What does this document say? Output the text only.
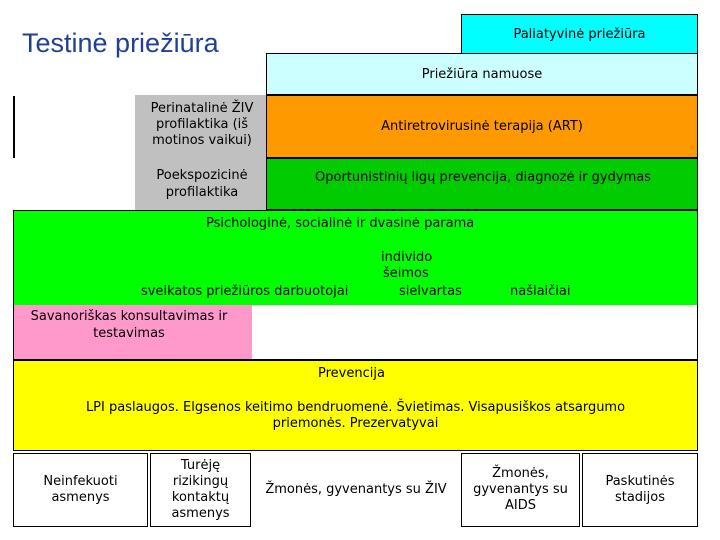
Testinė priežiūra	Paliatyvinė priežiūra
Priežiūra namuose
Perinatalinė ŽIV
profilaktika (iš
motinos vaikui)
Antiretrovirusinė terapija (ART)
Poekspozicinė
profilaktika
Oportunistinių ligų prevencija, diagnozė ir gydymas
Psichologinė, socialinė ir dvasinė parama
individo
šeimos
sveikatos priežiūros darbuotojai	sielvartas	našlaičiai
Savanoriškas konsultavimas ir
testavimas
Prevencija
LPI paslaugos. Elgsenos keitimo bendruomenė. Švietimas. Visapusiškos atsargumo
priemonės. Prezervatyvai
Neinfekuoti
asmenys
Turėję
rizikingų
kontaktų
asmenys
Žmonės, gyvenantys su ŽIV
Žmonės,
gyvenantys su
AIDS
Paskutinės
stadijos
